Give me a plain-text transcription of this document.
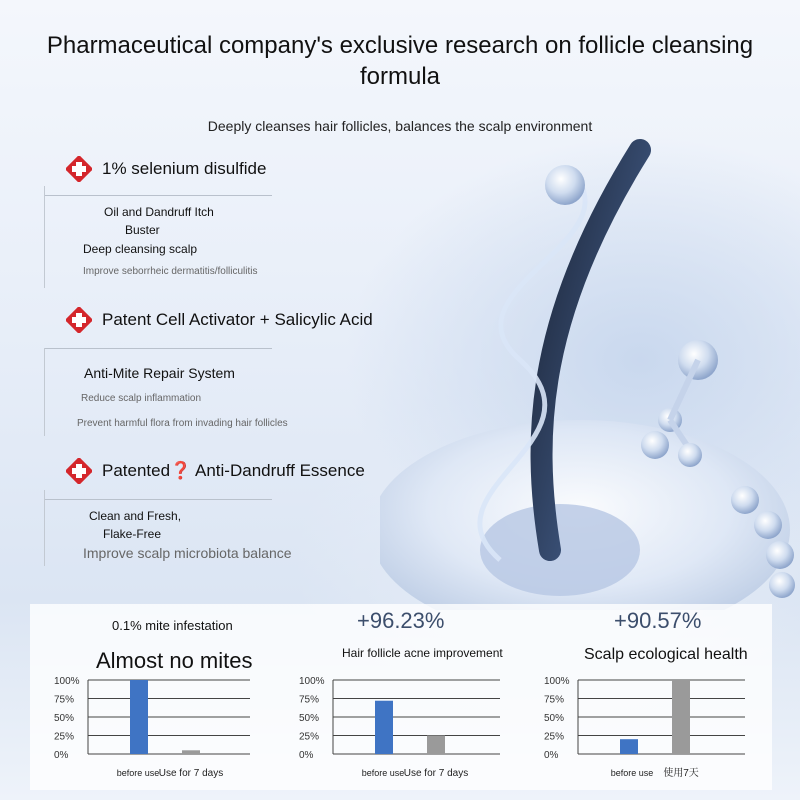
Pharmaceutical company's exclusive research on follicle cleansing formula
Deeply cleanses hair follicles, balances the scalp environment
1% selenium disulfide
Oil and Dandruff Itch
Buster
Deep cleansing scalp
Improve seborrheic dermatitis/folliculitis
Patent Cell Activator + Salicylic Acid
Anti-Mite Repair System
Reduce scalp inflammation
Prevent harmful flora from invading hair follicles
Patented❓ Anti-Dandruff Essence
Clean and Fresh,
Flake-Free
Improve scalp microbiota balance
0.1% mite infestation
Almost no mites
+96.23%
Hair follicle acne improvement
+90.57%
Scalp ecological health
100%
75%
50%
25%
0%
before use Use for 7 days
100%
75%
50%
25%
0%
before use Use for 7 days
100%
75%
50%
25%
0%
before use 使用7天
